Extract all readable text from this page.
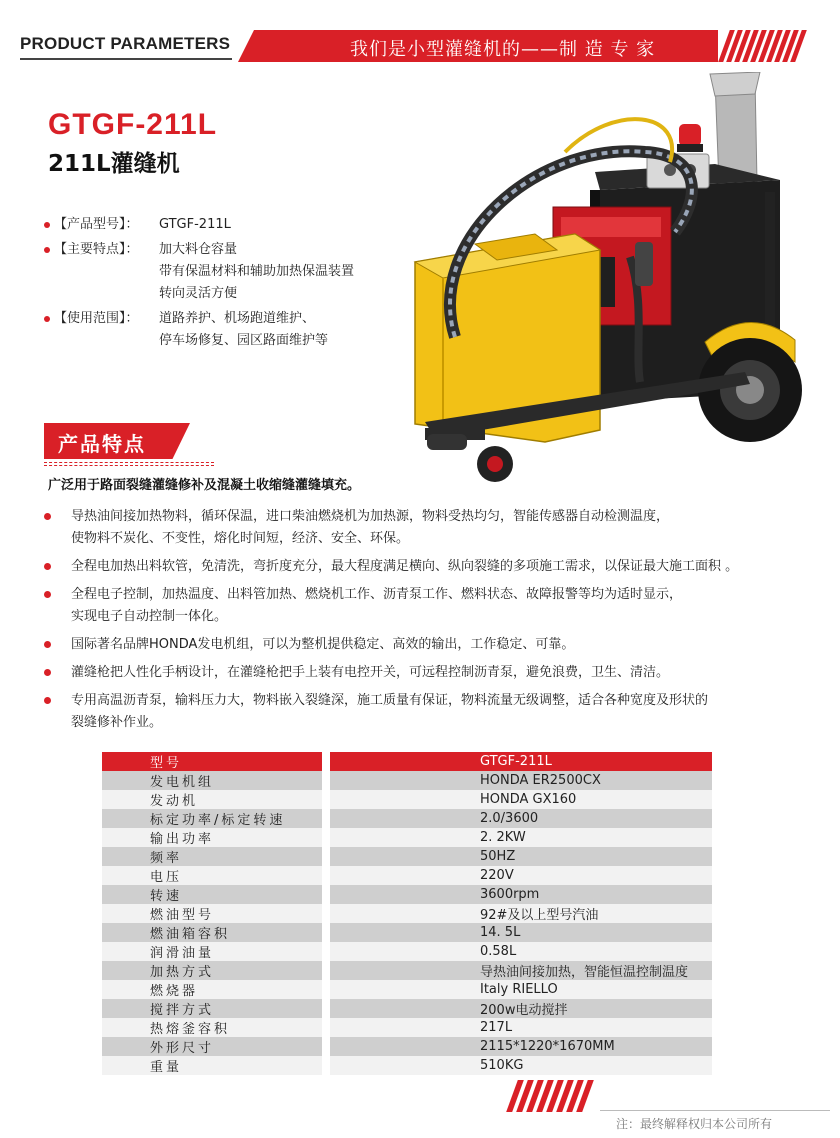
PRODUCT PARAMETERS	我们是小型灌缝机的——制 造 专 家
GTGF-211L
211L灌缝机
【产品型号】：	GTGF-211L
【主要特点】：	加大料仓容量
带有保温材料和辅助加热保温装置
转向灵活方便
【使用范围】：	道路养护、机场跑道维护、
停车场修复、园区路面维护等
产品特点
广泛用于路面裂缝灌缝修补及混凝土收缩缝灌缝填充。
导热油间接加热物料，循环保温，进口柴油燃烧机为加热源，物料受热均匀，智能传感器自动检测温度，
使物料不炭化、不变性，熔化时间短，经济、安全、环保。
全程电加热出料软管，免清洗，弯折度充分，最大程度满足横向、纵向裂缝的多项施工需求，以保证最大施工面积 。
全程电子控制，加热温度、出料管加热、燃烧机工作、沥青泵工作、燃料状态、故障报警等均为适时显示，
实现电子自动控制一体化。
国际著名品牌HONDA发电机组，可以为整机提供稳定、高效的输出，工作稳定、可靠。
灌缝枪把人性化手柄设计，在灌缝枪把手上装有电控开关，可远程控制沥青泵，避免浪费，卫生、清洁。
专用高温沥青泵，输料压力大，物料嵌入裂缝深，施工质量有保证，物料流量无级调整，适合各种宽度及形状的
裂缝修补作业。
型号		GTGF-211L
发电机组		HONDA ER2500CX
发动机		HONDA GX160
标定功率/标定转速		2.0/3600
输出功率		2. 2KW
频率		50HZ
电压		220V
转速		3600rpm
燃油型号		92#及以上型号汽油
燃油箱容积		14. 5L
润滑油量		0.58L
加热方式		导热油间接加热，智能恒温控制温度
燃烧器		Italy RIELLO
搅拌方式		200w电动搅拌
热熔釜容积		217L
外形尺寸		2115*1220*1670MM
重量		510KG
注：最终解释权归本公司所有
